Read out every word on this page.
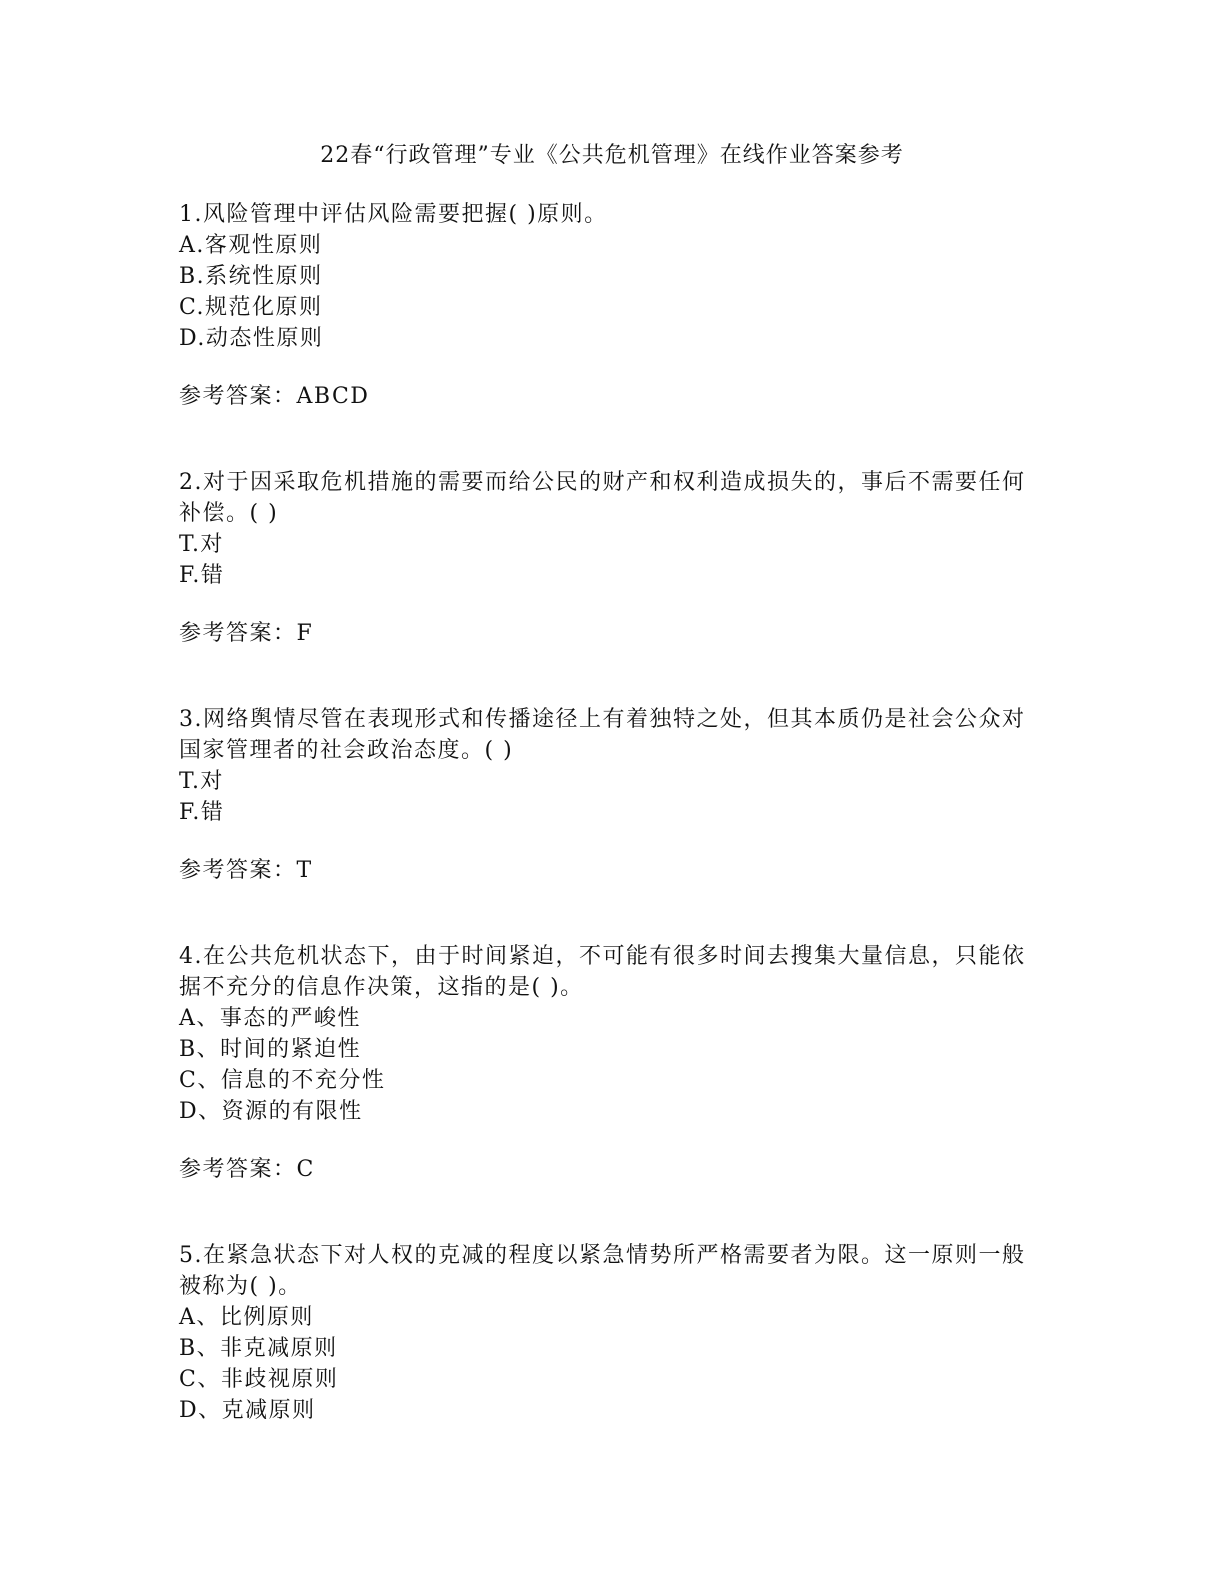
22春“行政管理”专业《公共危机管理》在线作业答案参考
1.风险管理中评估风险需要把握( )原则。
A.客观性原则
B.系统性原则
C.规范化原则
D.动态性原则
参考答案：ABCD
2.对于因采取危机措施的需要而给公民的财产和权利造成损失的，事后不需要任何
补偿。( )
T.对
F.错
参考答案：F
3.网络舆情尽管在表现形式和传播途径上有着独特之处，但其本质仍是社会公众对
国家管理者的社会政治态度。( )
T.对
F.错
参考答案：T
4.在公共危机状态下，由于时间紧迫，不可能有很多时间去搜集大量信息，只能依
据不充分的信息作决策，这指的是( )。
A、事态的严峻性
B、时间的紧迫性
C、信息的不充分性
D、资源的有限性
参考答案：C
5.在紧急状态下对人权的克减的程度以紧急情势所严格需要者为限。这一原则一般
被称为( )。
A、比例原则
B、非克减原则
C、非歧视原则
D、克减原则
